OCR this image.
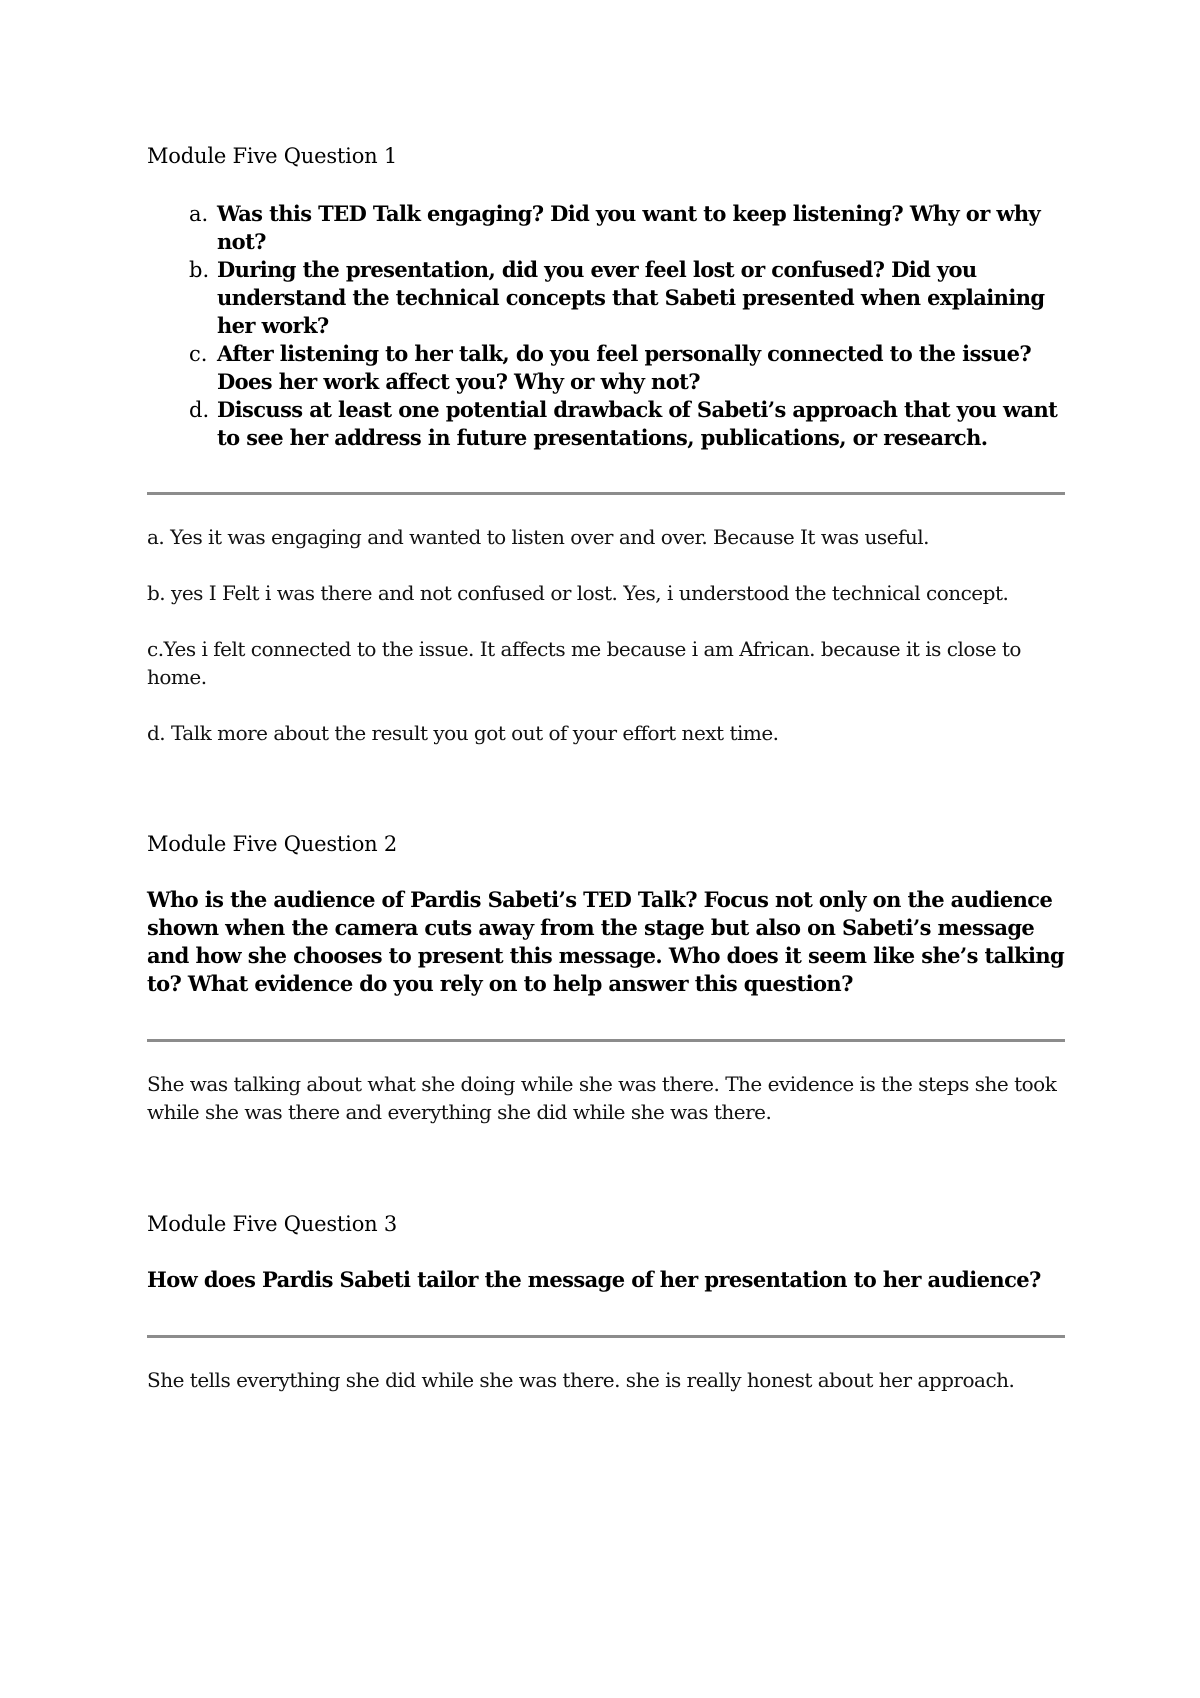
Module Five Question 1
a. Was this TED Talk engaging? Did you want to keep listening? Why or why not?
b. During the presentation, did you ever feel lost or confused? Did you understand the technical concepts that Sabeti presented when explaining her work?
c. After listening to her talk, do you feel personally connected to the issue? Does her work affect you? Why or why not?
d. Discuss at least one potential drawback of Sabeti’s approach that you want to see her address in future presentations, publications, or research.

a. Yes it was engaging and wanted to listen over and over. Because It was useful.

b. yes I Felt i was there and not confused or lost. Yes, i understood the technical concept.

c.Yes i felt connected to the issue. It affects me because i am African. because it is close to home.

d. Talk more about the result you got out of your effort next time.

Module Five Question 2

Who is the audience of Pardis Sabeti’s TED Talk? Focus not only on the audience shown when the camera cuts away from the stage but also on Sabeti’s message and how she chooses to present this message. Who does it seem like she’s talking to? What evidence do you rely on to help answer this question?

She was talking about what she doing while she was there. The evidence is the steps she took while she was there and everything she did while she was there.

Module Five Question 3

How does Pardis Sabeti tailor the message of her presentation to her audience?

She tells everything she did while she was there. she is really honest about her approach.
